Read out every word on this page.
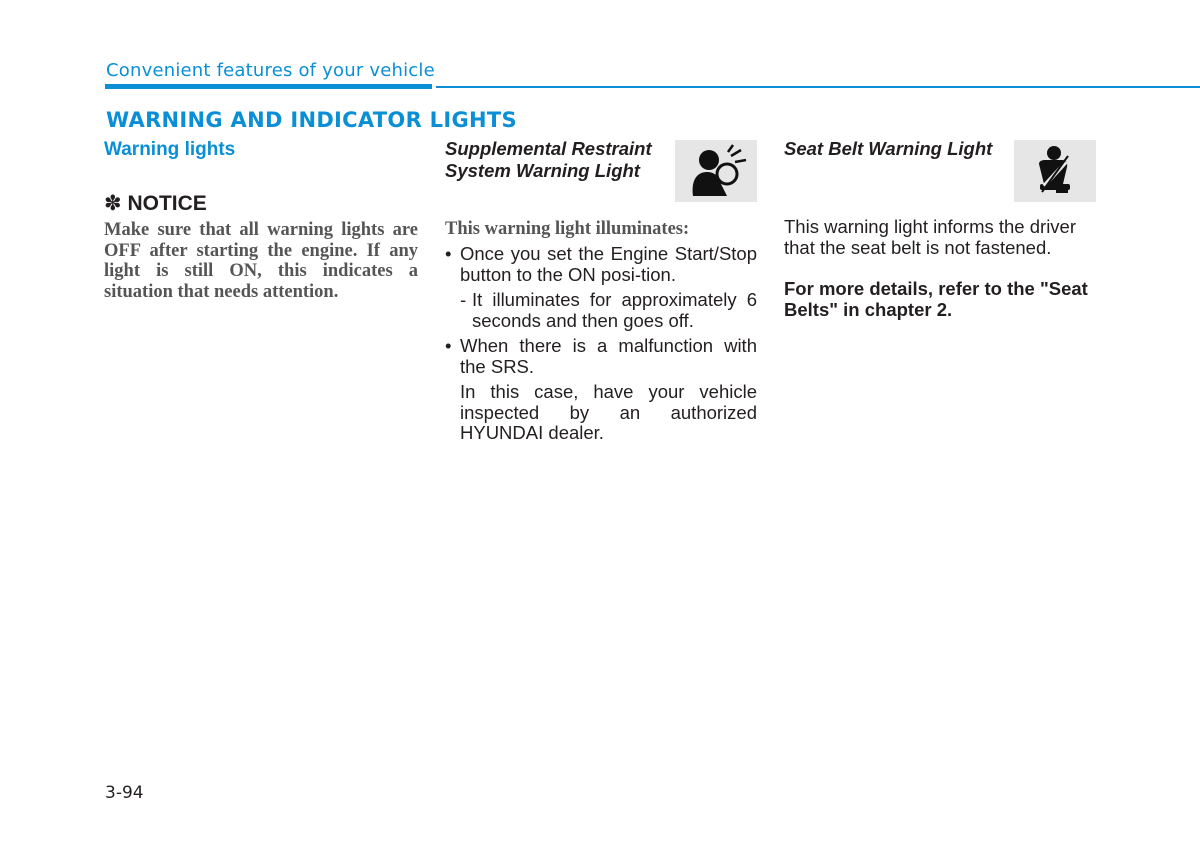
Convenient features of your vehicle
WARNING AND INDICATOR LIGHTS
Warning lights
✽ NOTICE
Make sure that all warning lights are OFF after starting the engine. If any light is still ON, this indicates a situation that needs attention.
Supplemental Restraint
System Warning Light
This warning light illuminates:
• Once you set the Engine Start/Stop button to the ON posi-tion.
- It illuminates for approximately 6 seconds and then goes off.
• When there is a malfunction with the SRS.
In this case, have your vehicle inspected by an authorized HYUNDAI dealer.
Seat Belt Warning Light
This warning light informs the driver that the seat belt is not fastened.
For more details, refer to the "Seat Belts" in chapter 2.
3-94
